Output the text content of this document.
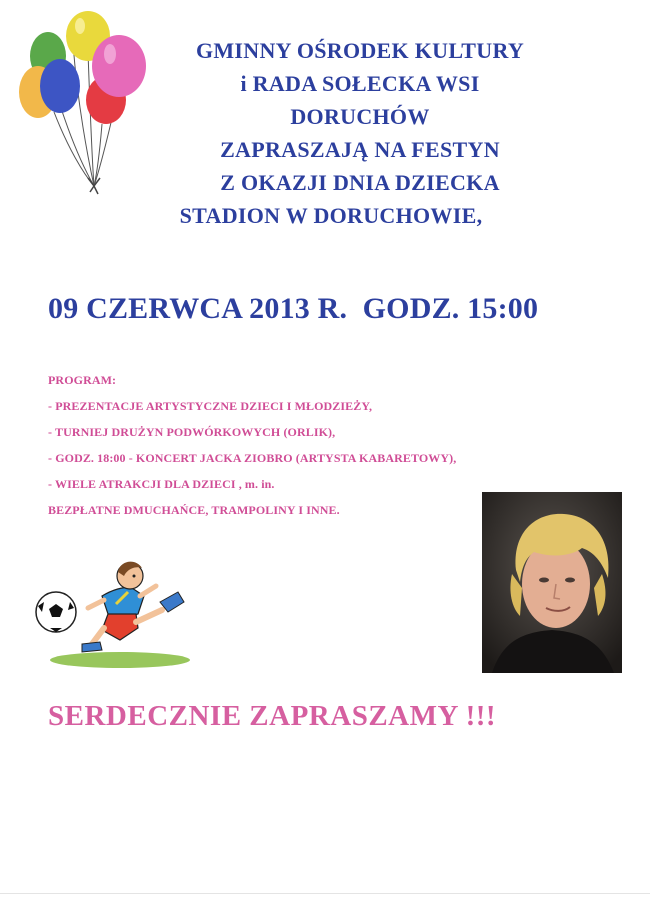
GMINNY OŚRODEK KULTURY
i RADA SOŁECKA WSI
DORUCHÓW
ZAPRASZAJĄ NA FESTYN
Z OKAZJI DNIA DZIECKA
STADION W DORUCHOWIE,
09 CZERWCA 2013 R.  GODZ. 15:00
PROGRAM:
- PREZENTACJE ARTYSTYCZNE DZIECI I MŁODZIEŻY,
- TURNIEJ DRUŻYN PODWÓRKOWYCH (ORLIK),
- GODZ. 18:00 - KONCERT JACKA ZIOBRO (ARTYSTA KABARETOWY),
- WIELE ATRAKCJI DLA DZIECI , m. in.
BEZPŁATNE DMUCHAŃCE, TRAMPOLINY I INNE.
SERDECZNIE ZAPRASZAMY !!!
